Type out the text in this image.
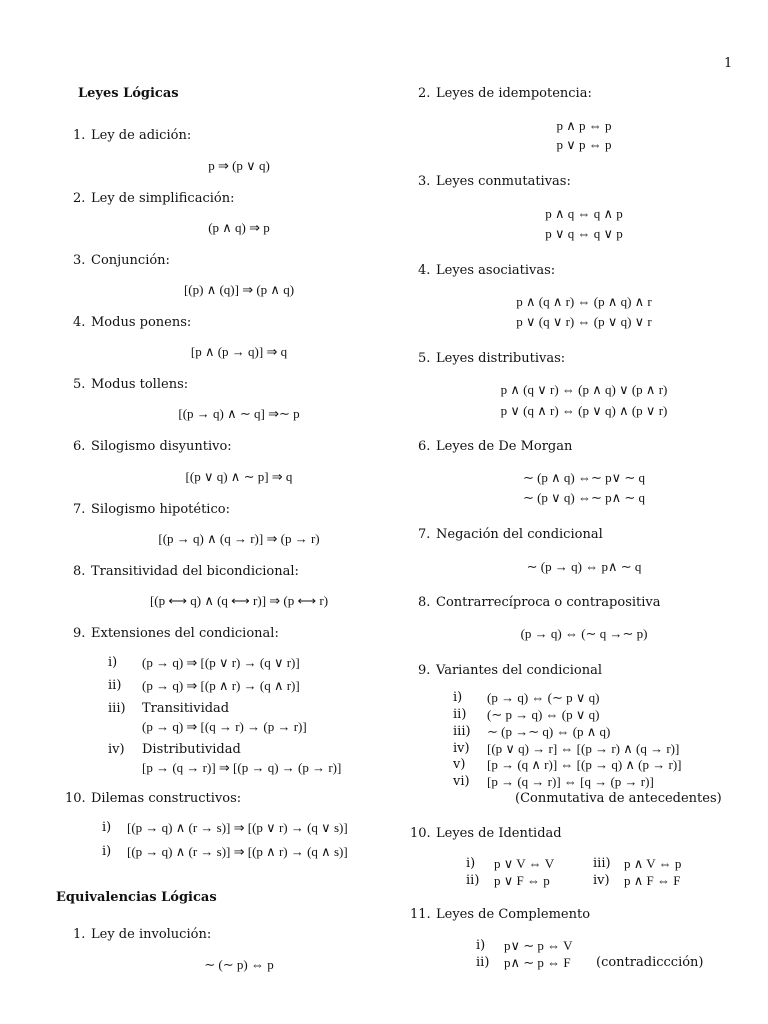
1
Leyes Lógicas
1. Ley de adición:
p ⇒ (p ∨ q)
2. Ley de simplificación:
(p ∧ q) ⇒ p
3. Conjunción:
[(p) ∧ (q)] ⇒ (p ∧ q)
4. Modus ponens:
[p ∧ (p → q)] ⇒ q
5. Modus tollens:
[(p → q) ∧ ∼ q] ⇒∼ p
6. Silogismo disyuntivo:
[(p ∨ q) ∧ ∼ p] ⇒ q
7. Silogismo hipotético:
[(p → q) ∧ (q → r)] ⇒ (p → r)
8. Transitividad del bicondicional:
[(p ⟷ q) ∧ (q ⟷ r)] ⇒ (p ⟷ r)
9. Extensiones del condicional:
i) (p → q) ⇒ [(p ∨ r) → (q ∨ r)]
ii) (p → q) ⇒ [(p ∧ r) → (q ∧ r)]
iii) Transitividad
(p → q) ⇒ [(q → r) → (p → r)]
iv) Distributividad
[p → (q → r)] ⇒ [(p → q) → (p → r)]
10. Dilemas constructivos:
i) [(p → q) ∧ (r → s)] ⇒ [(p ∨ r) → (q ∨ s)]
i) [(p → q) ∧ (r → s)] ⇒ [(p ∧ r) → (q ∧ s)]
Equivalencias Lógicas
1. Ley de involución:
∼ (∼ p) ⇔ p
2. Leyes de idempotencia:
p ∧ p ⇔ p
p ∨ p ⇔ p
3. Leyes conmutativas:
p ∧ q ⇔ q ∧ p
p ∨ q ⇔ q ∨ p
4. Leyes asociativas:
p ∧ (q ∧ r) ⇔ (p ∧ q) ∧ r
p ∨ (q ∨ r) ⇔ (p ∨ q) ∨ r
5. Leyes distributivas:
p ∧ (q ∨ r) ⇔ (p ∧ q) ∨ (p ∧ r)
p ∨ (q ∧ r) ⇔ (p ∨ q) ∧ (p ∨ r)
6. Leyes de De Morgan
∼ (p ∧ q) ⇔∼ p∨ ∼ q
∼ (p ∨ q) ⇔∼ p∧ ∼ q
7. Negación del condicional
∼ (p → q) ⇔ p∧ ∼ q
8. Contrarrecíproca o contrapositiva
(p → q) ⇔ (∼ q →∼ p)
9. Variantes del condicional
i) (p → q) ⇔ (∼ p ∨ q)
ii) (∼ p → q) ⇔ (p ∨ q)
iii) ∼ (p →∼ q) ⇔ (p ∧ q)
iv) [(p ∨ q) → r] ⇔ [(p → r) ∧ (q → r)]
v) [p → (q ∧ r)] ⇔ [(p → q) ∧ (p → r)]
vi) [p → (q → r)] ⇔ [q → (p → r)]
(Conmutativa de antecedentes)
10. Leyes de Identidad
i) p ∨ V ⇔ V	iii) p ∧ V ⇔ p
ii) p ∨ F ⇔ p	iv) p ∧ F ⇔ F
11. Leyes de Complemento
i) p∨ ∼ p ⇔ V
ii) p∧ ∼ p ⇔ F (contradiccción)
